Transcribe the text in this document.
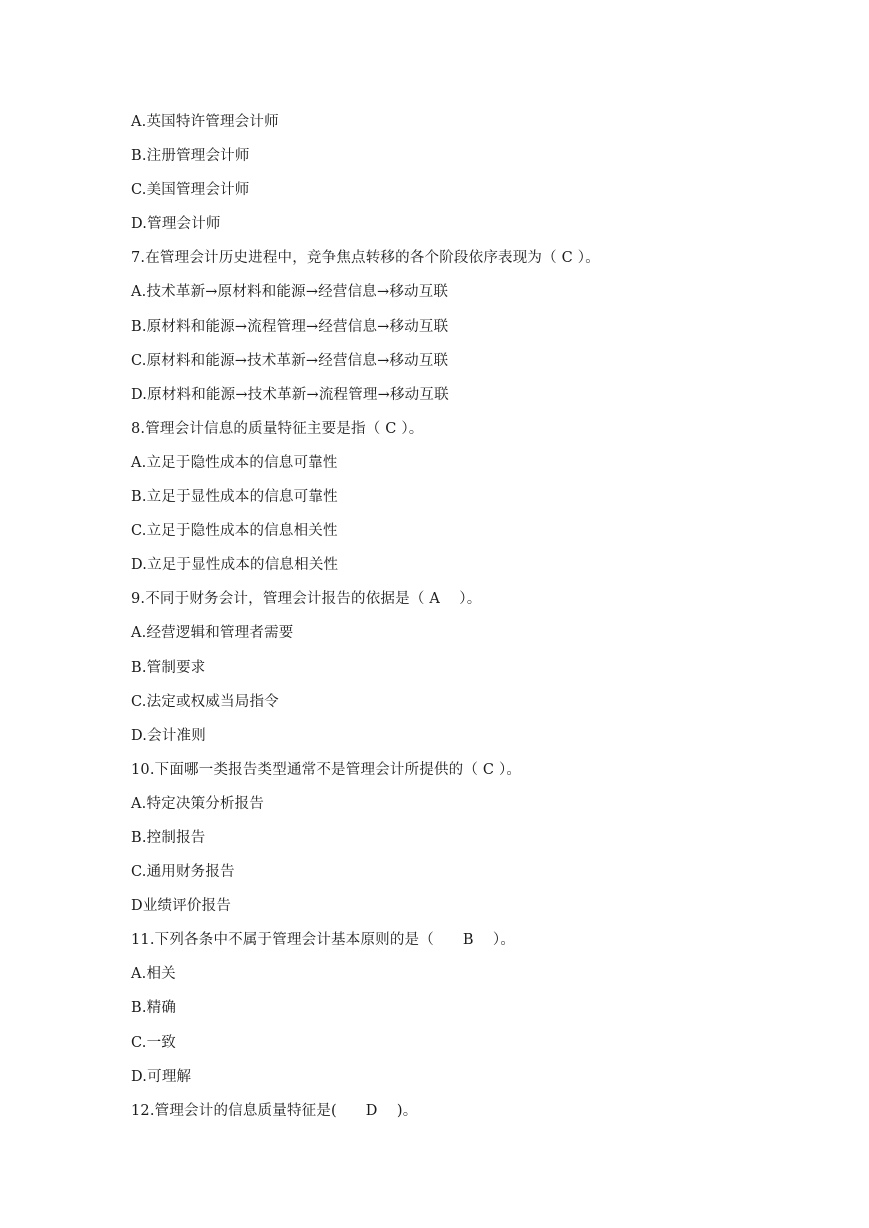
A.英国特许管理会计师
B.注册管理会计师
C.美国管理会计师
D.管理会计师
7.在管理会计历史进程中，竞争焦点转移的各个阶段依序表现为（ C ）。
A.技术革新→原材料和能源→经营信息→移动互联
B.原材料和能源→流程管理→经营信息→移动互联
C.原材料和能源→技术革新→经营信息→移动互联
D.原材料和能源→技术革新→流程管理→移动互联
8.管理会计信息的质量特征主要是指（ C ）。
A.立足于隐性成本的信息可靠性
B.立足于显性成本的信息可靠性
C.立足于隐性成本的信息相关性
D.立足于显性成本的信息相关性
9.不同于财务会计，管理会计报告的依据是（ A    ）。
A.经营逻辑和管理者需要
B.管制要求
C.法定或权威当局指令
D.会计准则
10.下面哪一类报告类型通常不是管理会计所提供的（ C ）。
A.特定决策分析报告
B.控制报告
C.通用财务报告
D业绩评价报告
11.下列各条中不属于管理会计基本原则的是（      B    ）。
A.相关
B.精确
C.一致
D.可理解
12.管理会计的信息质量特征是(      D    )。
